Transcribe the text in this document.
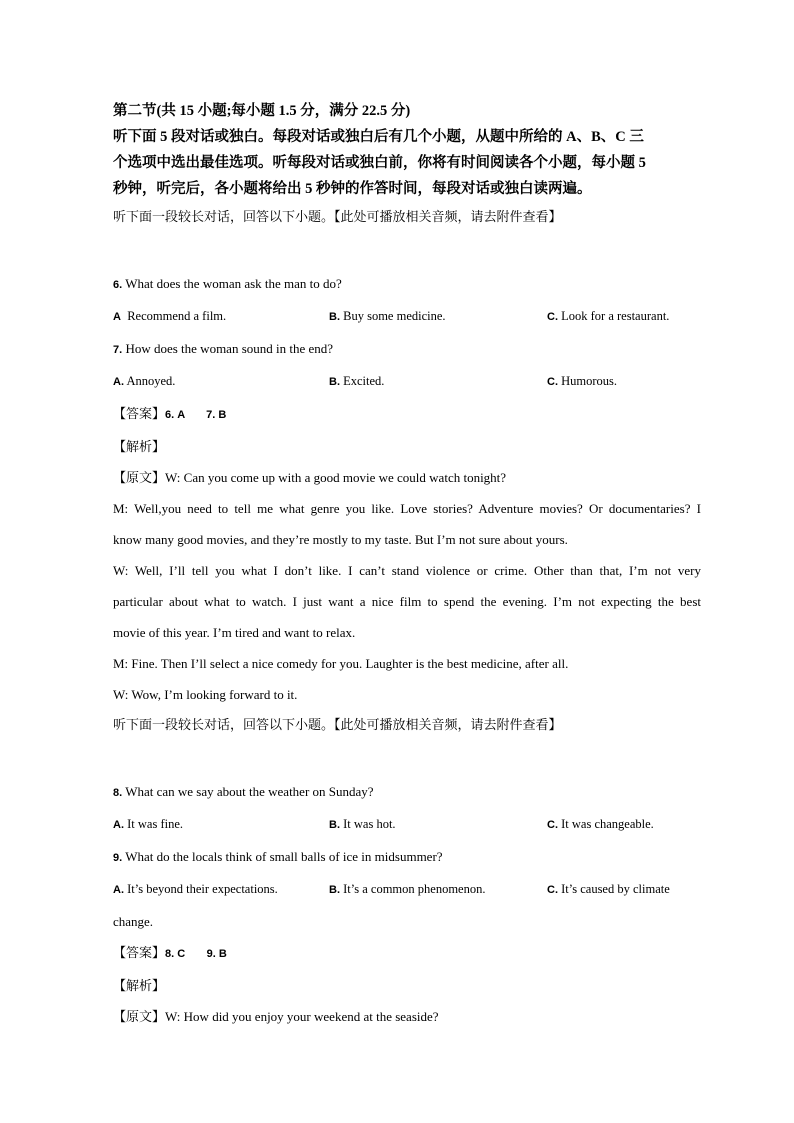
第二节(共 15 小题;每小题 1.5 分，满分 22.5 分)
听下面 5 段对话或独白。每段对话或独白后有几个小题，从题中所给的 A、B、C 三
个选项中选出最佳选项。听每段对话或独白前，你将有时间阅读各个小题，每小题 5
秒钟，听完后，各小题将给出 5 秒钟的作答时间，每段对话或独白读两遍。
听下面一段较长对话，回答以下小题。【此处可播放相关音频，请去附件查看】
6. What does the woman ask the man to do?
A Recommend a film.	B. Buy some medicine.	C. Look for a restaurant.
7. How does the woman sound in the end?
A. Annoyed.	B. Excited.	C. Humorous.
【答案】6. A       7. B
【解析】
【原文】W: Can you come up with a good movie we could watch tonight?
M: Well,you need to tell me what genre you like. Love stories? Adventure movies? Or documentaries? I
know many good movies, and they’re mostly to my taste. But I’m not sure about yours.
W: Well, I’ll tell you what I don’t like. I can’t stand violence or crime. Other than that, I’m not very
particular about what to watch. I just want a nice film to spend the evening. I’m not expecting the best
movie of this year. I’m tired and want to relax.
M: Fine. Then I’ll select a nice comedy for you. Laughter is the best medicine, after all.
W: Wow, I’m looking forward to it.
听下面一段较长对话，回答以下小题。【此处可播放相关音频，请去附件查看】
8. What can we say about the weather on Sunday?
A. It was fine.	B. It was hot.	C. It was changeable.
9. What do the locals think of small balls of ice in midsummer?
A. It’s beyond their expectations.	B. It’s a common phenomenon.	C. It’s caused by climate
change.
【答案】8. C       9. B
【解析】
【原文】W: How did you enjoy your weekend at the seaside?
